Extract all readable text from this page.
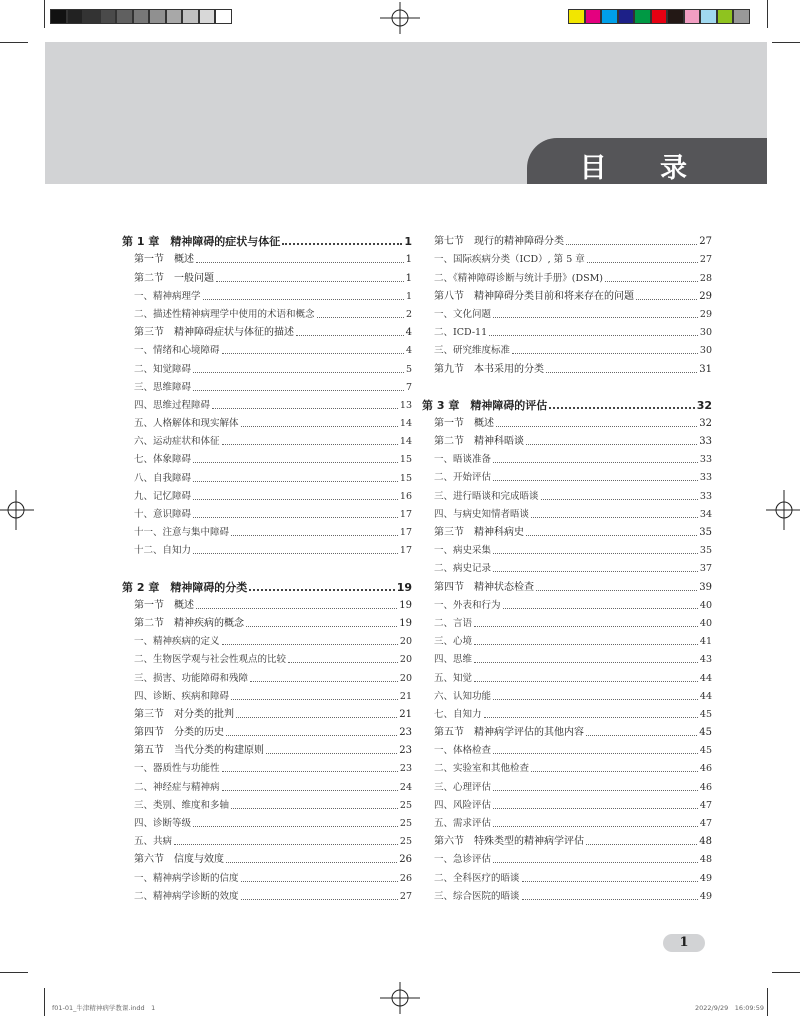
目 录
第 1 章　精神障碍的症状与体征	1
第一节　概述	1
第二节　一般问题	1
一、精神病理学	1
二、描述性精神病理学中使用的术语和概念	2
第三节　精神障碍症状与体征的描述	4
一、情绪和心境障碍	4
二、知觉障碍	5
三、思维障碍	7
四、思维过程障碍	13
五、人格解体和现实解体	14
六、运动症状和体征	14
七、体象障碍	15
八、自我障碍	15
九、记忆障碍	16
十、意识障碍	17
十一、注意与集中障碍	17
十二、自知力	17
第 2 章　精神障碍的分类	19
第一节　概述	19
第二节　精神疾病的概念	19
一、精神疾病的定义	20
二、生物医学观与社会性观点的比较	20
三、损害、功能障碍和残障	20
四、诊断、疾病和障碍	21
第三节　对分类的批判	21
第四节　分类的历史	23
第五节　当代分类的构建原则	23
一、器质性与功能性	23
二、神经症与精神病	24
三、类别、维度和多轴	25
四、诊断等级	25
五、共病	25
第六节　信度与效度	26
一、精神病学诊断的信度	26
二、精神病学诊断的效度	27
第七节　现行的精神障碍分类	27
一、国际疾病分类（ICD）, 第 5 章	27
二、《精神障碍诊断与统计手册》(DSM)	28
第八节　精神障碍分类目前和将来存在的问题	29
一、文化问题	29
二、ICD-11	30
三、研究维度标准	30
第九节　本书采用的分类	31
第 3 章　精神障碍的评估	32
第一节　概述	32
第二节　精神科晤谈	33
一、晤谈准备	33
二、开始评估	33
三、进行晤谈和完成晤谈	33
四、与病史知情者晤谈	34
第三节　精神科病史	35
一、病史采集	35
二、病史记录	37
第四节　精神状态检查	39
一、外表和行为	40
二、言语	40
三、心境	41
四、思维	43
五、知觉	44
六、认知功能	44
七、自知力	45
第五节　精神病学评估的其他内容	45
一、体格检查	45
二、实验室和其他检查	46
三、心理评估	46
四、风险评估	47
五、需求评估	47
第六节　特殊类型的精神病学评估	48
一、急诊评估	48
二、全科医疗的晤谈	49
三、综合医院的晤谈	49
1
f01-01_牛津精神病学教课.indd　1	2022/9/29　16:09:59
